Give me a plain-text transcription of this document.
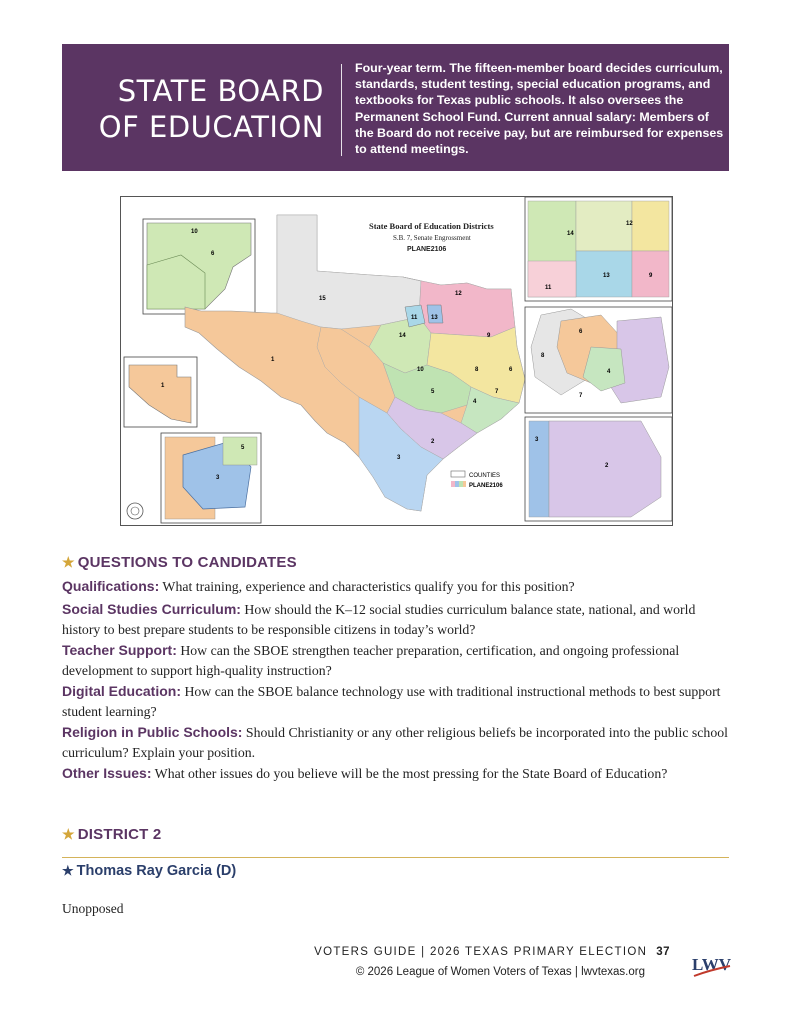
STATE BOARD
OF EDUCATION
Four-year term. The fifteen-member board decides curriculum, standards, student testing, special education programs, and textbooks for Texas public schools. It also oversees the Permanent School Fund. Current annual salary: Members of the Board do not receive pay, but are reimbursed for expenses to attend meetings.
State Board of Education Districts
S.B. 7, Senate Engrossment
PLANE2106
15
12
11 13
14	9
10	8
7
4
5
6
3
2
1
10
6
1
3
5
12
14
13
11
9
6
4
7
8
3
2
COUNTIES
PLANE2106
★ QUESTIONS TO CANDIDATES
Qualifications: What training, experience and characteristics qualify you for this position?
Social Studies Curriculum: How should the K–12 social studies curriculum balance state, national, and world history to best prepare students to be responsible citizens in today’s world?
Teacher Support: How can the SBOE strengthen teacher preparation, certification, and ongoing professional development to support high-quality instruction?
Digital Education: How can the SBOE balance technology use with traditional instructional methods to best support student learning?
Religion in Public Schools: Should Christianity or any other religious beliefs be incorporated into the public school curriculum? Explain your position.
Other Issues: What other issues do you believe will be the most pressing for the State Board of Education?
★ DISTRICT 2
★ Thomas Ray Garcia (D)
Unopposed
VOTERS GUIDE | 2026 TEXAS PRIMARY ELECTION 37
© 2026 League of Women Voters of Texas | lwvtexas.org	LWV
